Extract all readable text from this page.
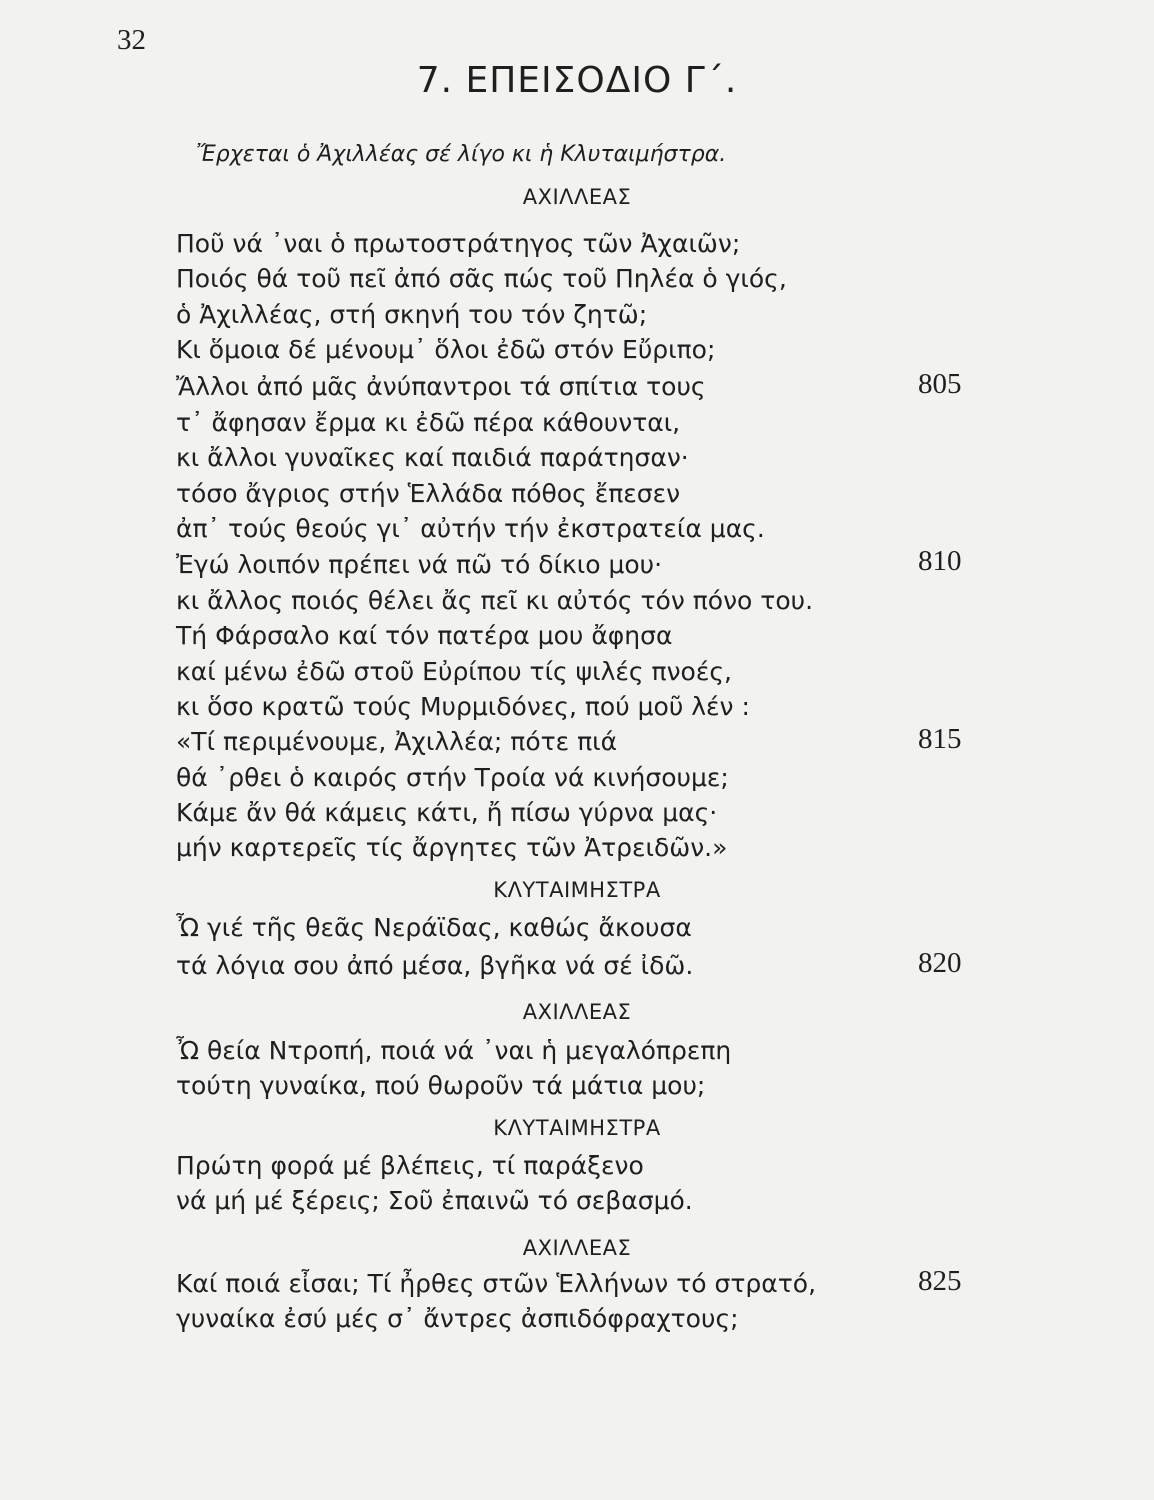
32
7. ΕΠΕΙΣΟΔΙΟ Γ΄.
Ἔρχεται ὁ Ἀχιλλέας σέ λίγο κι ἡ Κλυταιμήστρα.
ΑΧΙΛΛΕΑΣ
Ποῦ νά ᾽ναι ὁ πρωτοστράτηγος τῶν Ἀχαιῶν;
Ποιός θά τοῦ πεῖ ἀπό σᾶς πώς τοῦ Πηλέα ὁ γιός,
ὁ Ἀχιλλέας, στή σκηνή του τόν ζητῶ;
Κι ὅμοια δέ μένουμ᾽ ὅλοι ἐδῶ στόν Εὔριπο;
Ἄλλοι ἀπό μᾶς ἀνύπαντροι τά σπίτια τους	805
τ᾽ ἄφησαν ἔρμα κι ἐδῶ πέρα κάθουνται,
κι ἄλλοι γυναῖκες καί παιδιά παράτησαν·
τόσο ἄγριος στήν Ἑλλάδα πόθος ἔπεσεν
ἀπ᾽ τούς θεούς γι᾽ αὐτήν τήν ἐκστρατεία μας.
Ἐγώ λοιπόν πρέπει νά πῶ τό δίκιο μου·	810
κι ἄλλος ποιός θέλει ἄς πεῖ κι αὐτός τόν πόνο του.
Τή Φάρσαλο καί τόν πατέρα μου ἄφησα
καί μένω ἐδῶ στοῦ Εὐρίπου τίς ψιλές πνοές,
κι ὅσο κρατῶ τούς Μυρμιδόνες, πού μοῦ λέν :
«Τί περιμένουμε, Ἀχιλλέα; πότε πιά	815
θά ᾽ρθει ὁ καιρός στήν Τροία νά κινήσουμε;
Κάμε ἄν θά κάμεις κάτι, ἤ πίσω γύρνα μας·
μήν καρτερεῖς τίς ἄργητες τῶν Ἀτρειδῶν.»
ΚΛΥΤΑΙΜΗΣΤΡΑ
Ὦ γιέ τῆς θεᾶς Νεράϊδας, καθώς ἄκουσα
τά λόγια σου ἀπό μέσα, βγῆκα νά σέ ἰδῶ.	820
ΑΧΙΛΛΕΑΣ
Ὦ θεία Ντροπή, ποιά νά ᾽ναι ἡ μεγαλόπρεπη
τούτη γυναίκα, πού θωροῦν τά μάτια μου;
ΚΛΥΤΑΙΜΗΣΤΡΑ
Πρώτη φορά μέ βλέπεις, τί παράξενο
νά μή μέ ξέρεις; Σοῦ ἐπαινῶ τό σεβασμό.
ΑΧΙΛΛΕΑΣ
Καί ποιά εἶσαι; Τί ἦρθες στῶν Ἑλλήνων τό στρατό,	825
γυναίκα ἐσύ μές σ᾽ ἄντρες ἀσπιδόφραχτους;
